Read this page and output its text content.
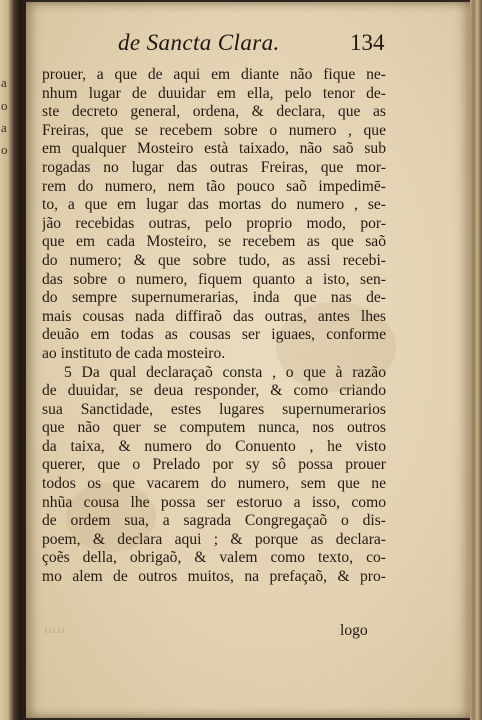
a
o
a
o
de Sancta Clara.	134
prouer, a que de aqui em diante não fique ne-
nhum lugar de duuidar em ella, pelo tenor de-
ste decreto general, ordena, & declara, que as
Freiras, que se recebem sobre o numero , que
em qualquer Mosteiro està taixado, não saõ sub
rogadas no lugar das outras Freiras, que mor-
rem do numero, nem tão pouco saõ impedimē-
to, a que em lugar das mortas do numero , se-
jão recebidas outras, pelo proprio modo, por-
que em cada Mosteiro, se recebem as que saõ
do numero; & que sobre tudo, as assi recebi-
das sobre o numero, fiquem quanto a isto, sen-
do sempre supernumerarias, inda que nas de-
mais cousas nada diffiraõ das outras, antes lhes
deuão em todas as cousas ser iguaes, conforme
ao instituto de cada mosteiro.
5 Da qual declaraçaõ consta , o que à razão
de duuidar, se deua responder, & como criando
sua Sanctidade, estes lugares supernumerarios
que não quer se computem nunca, nos outros
da taixa, & numero do Conuento , he visto
querer, que o Prelado por sy sô possa prouer
todos os que vacarem do numero, sem que ne
nhũa cousa lhe possa ser estoruo a isso, como
de ordem sua, a sagrada Congregaçaõ o dis-
poem, & declara aqui ; & porque as declara-
çoẽs della, obrigaõ, & valem como texto, co-
mo alem de outros muitos, na prefaçaõ, & pro-
ııııı	logo
